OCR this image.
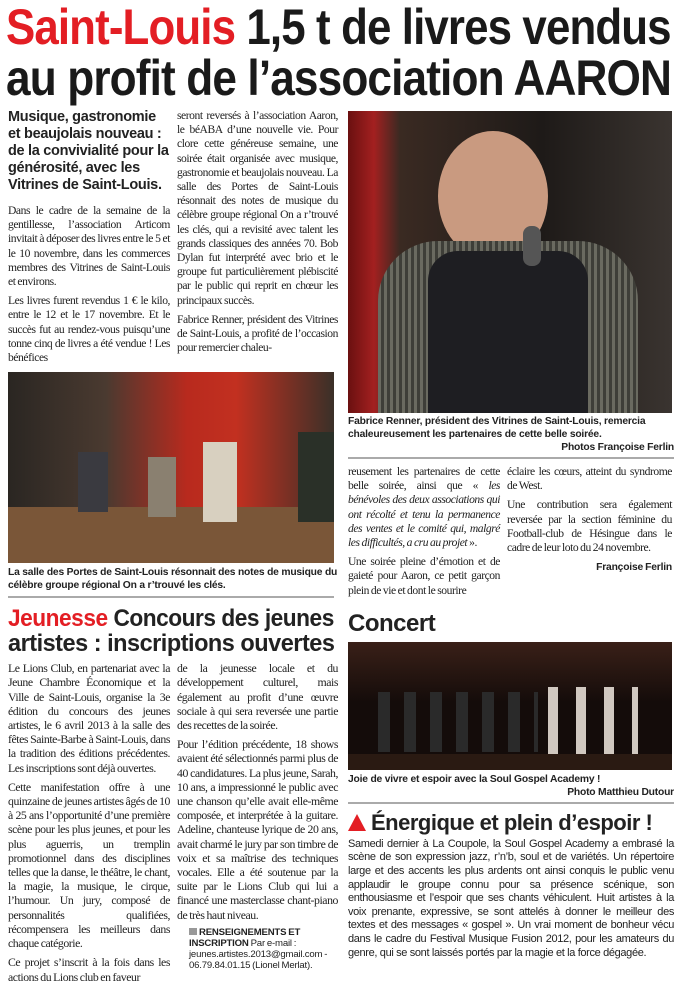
Saint-Louis 1,5 t de livres vendus
au profit de l’association AARON
Musique, gastronomie et beaujolais nouveau : de la convivialité pour la générosité, avec les Vitrines de Saint-Louis.

Dans le cadre de la semaine de la gentillesse, l’association Articom invitait à déposer des livres entre le 5 et le 10 novembre, dans les commerces membres des Vitrines de Saint-Louis et environs.

Les livres furent revendus 1 € le kilo, entre le 12 et le 17 novembre. Et le succès fut au rendez-vous puisqu’une tonne cinq de livres a été vendue ! Les bénéfices

seront reversés à l’association Aaron, le béABA d’une nouvelle vie. Pour clore cette généreuse semaine, une soirée était organisée avec musique, gastronomie et beaujolais nouveau. La salle des Portes de Saint-Louis résonnait des notes de musique du célèbre groupe régional On a r’trouvé les clés, qui a revisité avec talent les grands classiques des années 70. Bob Dylan fut interprété avec brio et le groupe fut particulièrement plébiscité par le public qui reprit en chœur les principaux succès.

Fabrice Renner, président des Vitrines de Saint-Louis, a profité de l’occasion pour remercier chaleu-

La salle des Portes de Saint-Louis résonnait des notes de musique du célèbre groupe régional On a r’trouvé les clés.
Jeunesse Concours des jeunes
artistes : inscriptions ouvertes

Le Lions Club, en partenariat avec la Jeune Chambre Économique et la Ville de Saint-Louis, organise la 3e édition du concours des jeunes artistes, le 6 avril 2013 à la salle des fêtes Sainte-Barbe à Saint-Louis, dans la tradition des éditions précédentes. Les inscriptions sont déjà ouvertes.

Cette manifestation offre à une quinzaine de jeunes artistes âgés de 10 à 25 ans l’opportunité d’une première scène pour les plus jeunes, et pour les plus aguerris, un tremplin promotionnel dans des disciplines telles que la danse, le théâtre, le chant, la magie, la musique, le cirque, l’humour. Un jury, composé de personnalités qualifiées, récompensera les meilleurs dans chaque catégorie.

Ce projet s’inscrit à la fois dans les actions du Lions club en faveur

de la jeunesse locale et du développement culturel, mais également au profit d’une œuvre sociale à qui sera reversée une partie des recettes de la soirée.

Pour l’édition précédente, 18 shows avaient été sélectionnés parmi plus de 40 candidatures. La plus jeune, Sarah, 10 ans, a impressionné le public avec une chanson qu’elle avait elle-même composée, et interprétée à la guitare. Adeline, chanteuse lyrique de 20 ans, avait charmé le jury par son timbre de voix et sa maîtrise des techniques vocales. Elle a été soutenue par la suite par le Lions Club qui lui a financé une masterclasse chant-piano de très haut niveau.

RENSEIGNEMENTS ET INSCRIPTION Par e-mail : jeunes.artistes.2013@gmail.com - 06.79.84.01.15 (Lionel Merlat).
Fabrice Renner, président des Vitrines de Saint-Louis, remercia chaleureusement les partenaires de cette belle soirée.
Photos Françoise Ferlin

reusement les partenaires de cette belle soirée, ainsi que « les bénévoles des deux associations qui ont récolté et tenu la permanence des ventes et le comité qui, malgré les difficultés, a cru au projet ».

Une soirée pleine d’émotion et de gaieté pour Aaron, ce petit garçon plein de vie et dont le sourire

éclaire les cœurs, atteint du syndrome de West.

Une contribution sera également reversée par la section féminine du Football-club de Hésingue dans le cadre de leur loto du 24 novembre.

Françoise Ferlin

Concert
Joie de vivre et espoir avec la Soul Gospel Academy !
Photo Matthieu Dutour
Énergique et plein d’espoir !
Samedi dernier à La Coupole, la Soul Gospel Academy a embrasé la scène de son expression jazz, r’n’b, soul et de variétés. Un répertoire large et des accents les plus ardents ont ainsi conquis le public venu applaudir le groupe connu pour sa présence scénique, son enthousiasme et l’espoir que ses chants véhiculent. Huit artistes à la voix prenante, expressive, se sont attelés à donner le meilleur des textes et des messages « gospel ». Un vrai moment de bonheur vécu dans le cadre du Festival Musique Fusion 2012, pour les amateurs du genre, qui se sont laissés portés par la magie et la force dégagée.
